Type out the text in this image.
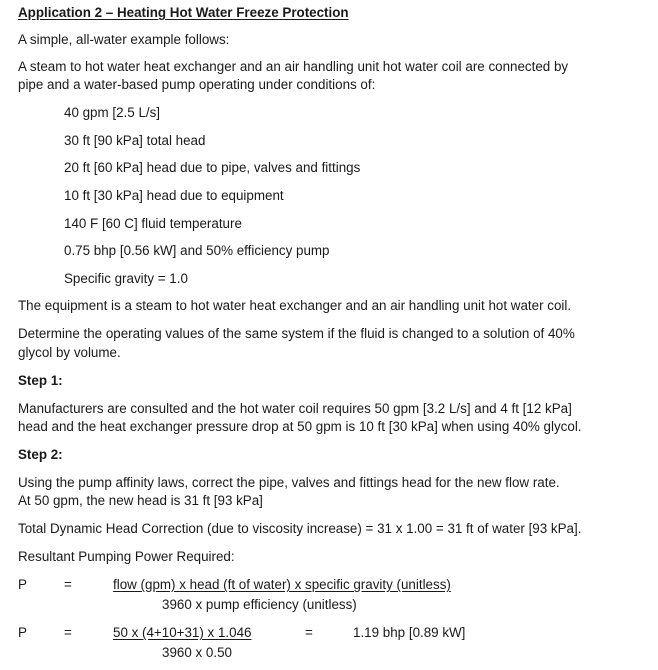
Application 2 – Heating Hot Water Freeze Protection
A simple, all-water example follows:
A steam to hot water heat exchanger and an air handling unit hot water coil are connected by
pipe and a water-based pump operating under conditions of:
40 gpm [2.5 L/s]
30 ft [90 kPa] total head
20 ft [60 kPa] head due to pipe, valves and fittings
10 ft [30 kPa] head due to equipment
140 F [60 C] fluid temperature
0.75 bhp [0.56 kW] and 50% efficiency pump
Specific gravity = 1.0
The equipment is a steam to hot water heat exchanger and an air handling unit hot water coil.
Determine the operating values of the same system if the fluid is changed to a solution of 40%
glycol by volume.
Step 1:
Manufacturers are consulted and the hot water coil requires 50 gpm [3.2 L/s] and 4 ft [12 kPa]
head and the heat exchanger pressure drop at 50 gpm is 10 ft [30 kPa] when using 40% glycol.
Step 2:
Using the pump affinity laws, correct the pipe, valves and fittings head for the new flow rate.
At 50 gpm, the new head is 31 ft [93 kPa]
Total Dynamic Head Correction (due to viscosity increase) = 31 x 1.00 = 31 ft of water [93 kPa].
Resultant Pumping Power Required:
P	=	flow (gpm) x head (ft of water) x specific gravity (unitless)
3960 x pump efficiency (unitless)
P	=	50 x (4+10+31) x 1.046	=	1.19 bhp [0.89 kW]
3960 x 0.50
